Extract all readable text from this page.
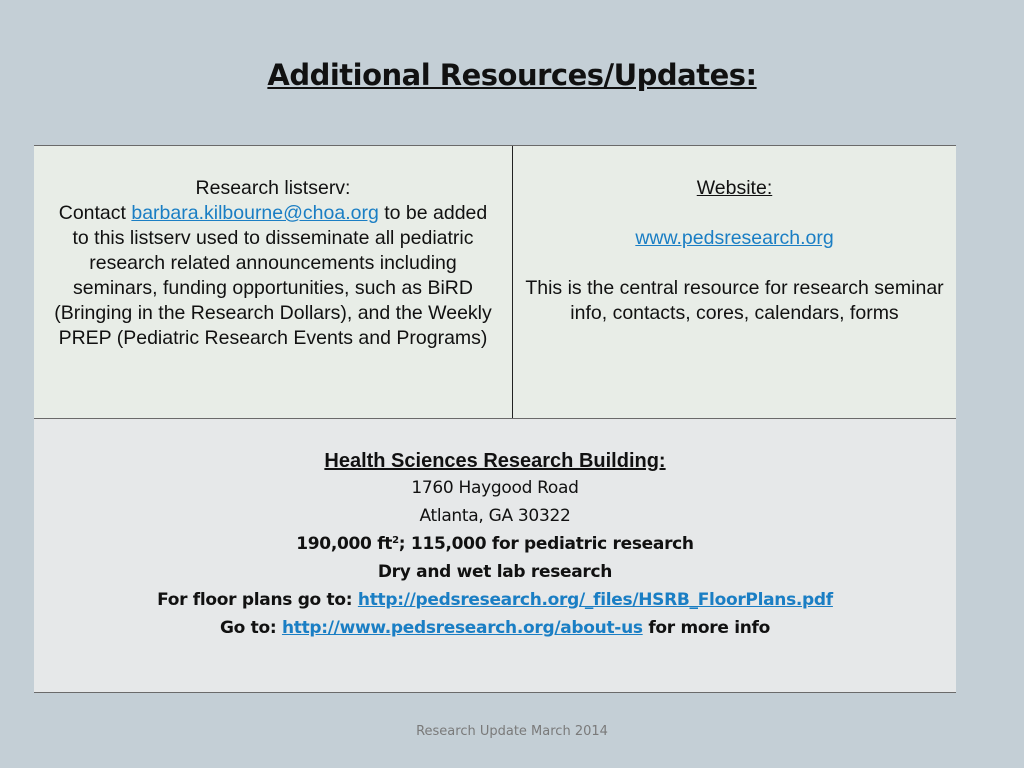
Additional Resources/Updates:
Research listserv:
Contact barbara.kilbourne@choa.org to be added to this listserv used to disseminate all pediatric research related announcements including seminars, funding opportunities, such as BiRD (Bringing in the Research Dollars), and the Weekly PREP (Pediatric Research Events and Programs)
Website:

www.pedsresearch.org

This is the central resource for research seminar info, contacts, cores, calendars, forms
Health Sciences Research Building:
1760 Haygood Road
Atlanta, GA 30322
190,000 $ft^2$; 115,000 for pediatric research
Dry and wet lab research
For floor plans go to: http://pedsresearch.org/_files/HSRB_FloorPlans.pdf
Go to: http://www.pedsresearch.org/about-us for more info
Research Update March 2014
